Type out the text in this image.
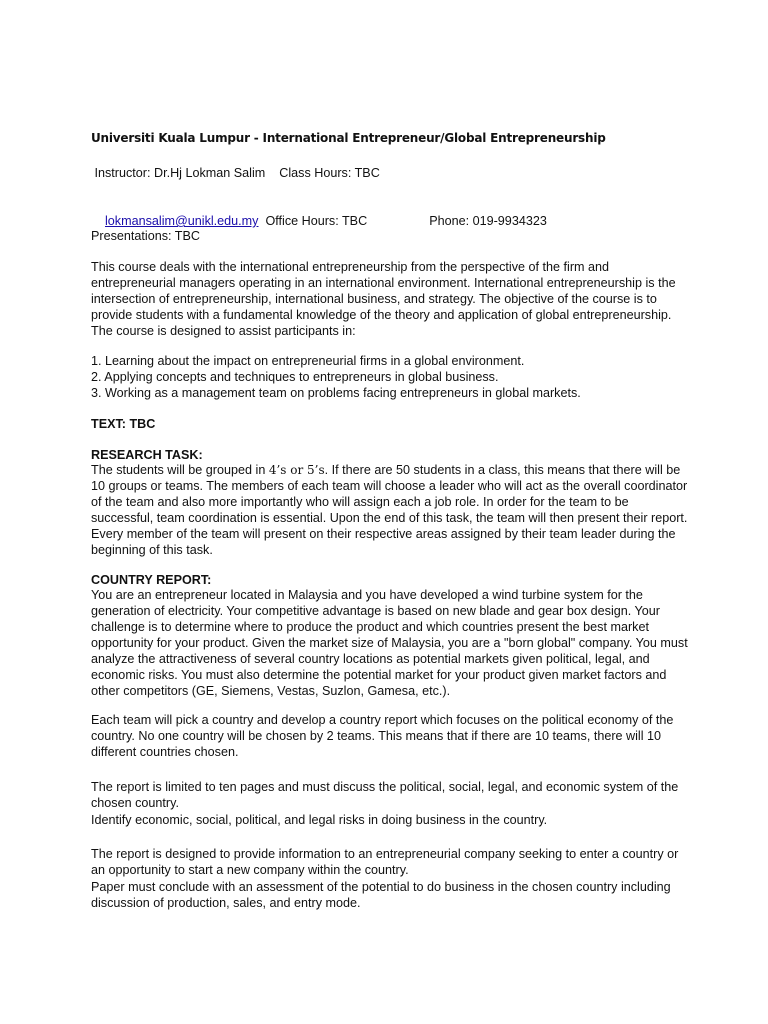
Universiti Kuala Lumpur - International Entrepreneur/Global Entrepreneurship
Instructor: Dr.Hj Lokman Salim    Class Hours: TBC

lokmansalim@unikl.edu.my  Office Hours: TBC	Phone: 019-9934323

Presentations: TBC
This course deals with the international entrepreneurship from the perspective of the firm and entrepreneurial managers operating in an international environment. International entrepreneurship is the intersection of entrepreneurship, international business, and strategy. The objective of the course is to provide students with a fundamental knowledge of the theory and application of global entrepreneurship. The course is designed to assist participants in:
1. Learning about the impact on entrepreneurial firms in a global environment.
2. Applying concepts and techniques to entrepreneurs in global business.
3. Working as a management team on problems facing entrepreneurs in global markets.
TEXT: TBC
RESEARCH TASK:
The students will be grouped in 4’s or 5’s. If there are 50 students in a class, this means that there will be 10 groups or teams. The members of each team will choose a leader who will act as the overall coordinator of the team and also more importantly who will assign each a job role. In order for the team to be successful, team coordination is essential. Upon the end of this task, the team will then present their report. Every member of the team will present on their respective areas assigned by their team leader during the beginning of this task.
COUNTRY REPORT:
You are an entrepreneur located in Malaysia and you have developed a wind turbine system for the generation of electricity. Your competitive advantage is based on new blade and gear box design. Your challenge is to determine where to produce the product and which countries present the best market opportunity for your product. Given the market size of Malaysia, you are a "born global" company. You must analyze the attractiveness of several country locations as potential markets given political, legal, and economic risks. You must also determine the potential market for your product given market factors and other competitors (GE, Siemens, Vestas, Suzlon, Gamesa, etc.).
Each team will pick a country and develop a country report which focuses on the political economy of the country. No one country will be chosen by 2 teams. This means that if there are 10 teams, there will 10 different countries chosen.
The report is limited to ten pages and must discuss the political, social, legal, and economic system of the chosen country.
Identify economic, social, political, and legal risks in doing business in the country.
The report is designed to provide information to an entrepreneurial company seeking to enter a country or an opportunity to start a new company within the country.
Paper must conclude with an assessment of the potential to do business in the chosen country including discussion of production, sales, and entry mode.
